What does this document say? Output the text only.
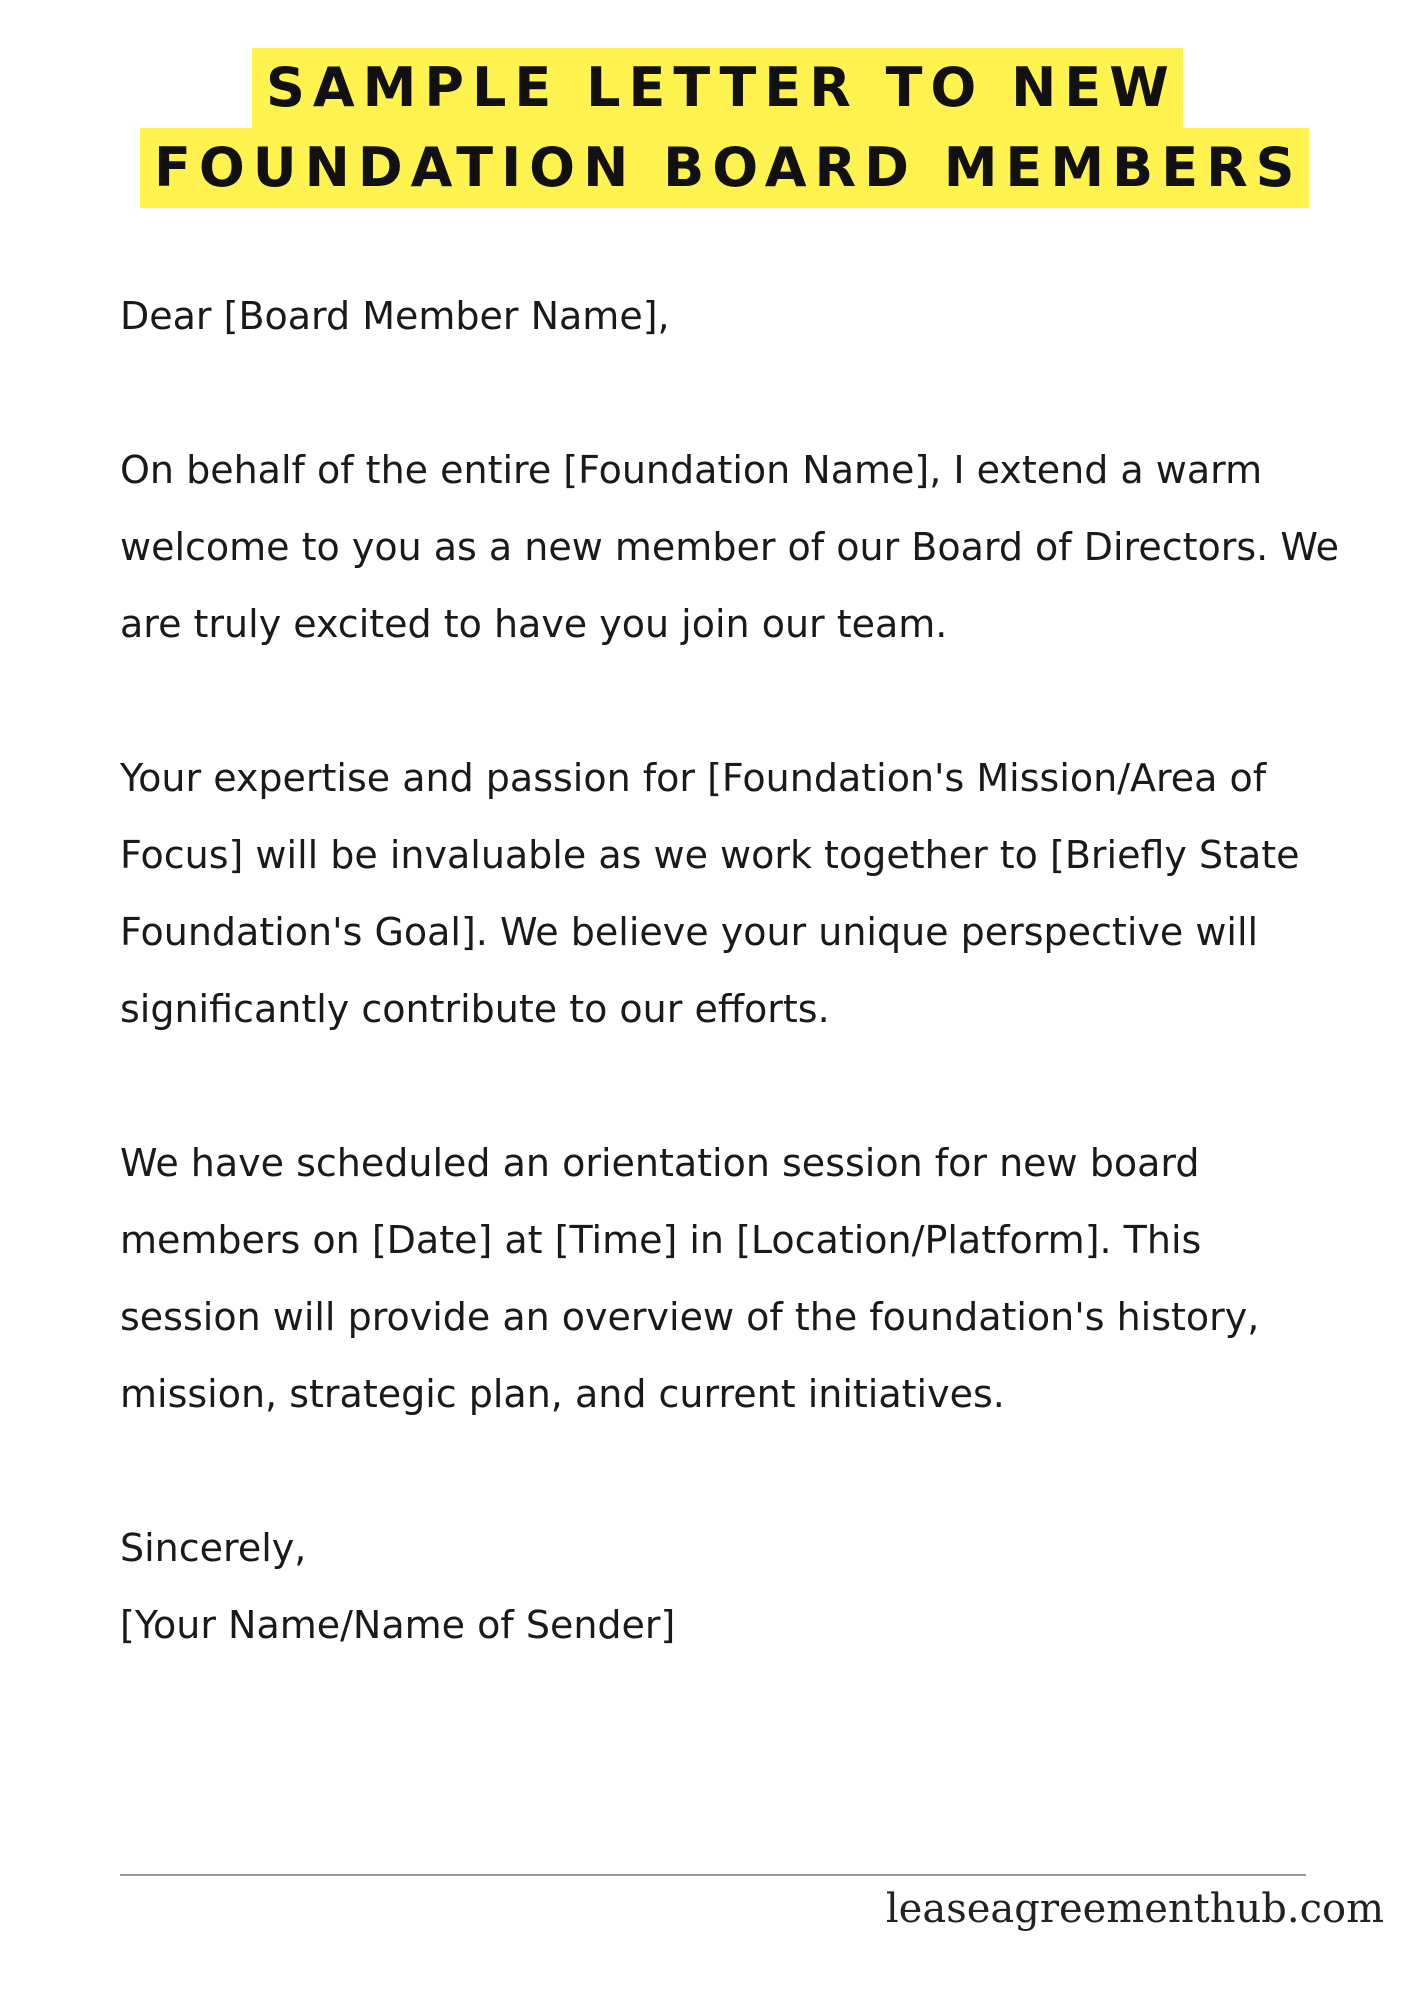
SAMPLE LETTER TO NEW
FOUNDATION BOARD MEMBERS

Dear [Board Member Name],

On behalf of the entire [Foundation Name], I extend a warm welcome to you as a new member of our Board of Directors. We are truly excited to have you join our team.

Your expertise and passion for [Foundation's Mission/Area of Focus] will be invaluable as we work together to [Briefly State Foundation's Goal]. We believe your unique perspective will significantly contribute to our efforts.

We have scheduled an orientation session for new board members on [Date] at [Time] in [Location/Platform]. This session will provide an overview of the foundation's history, mission, strategic plan, and current initiatives.

Sincerely,
[Your Name/Name of Sender]

leaseagreementhub.com
